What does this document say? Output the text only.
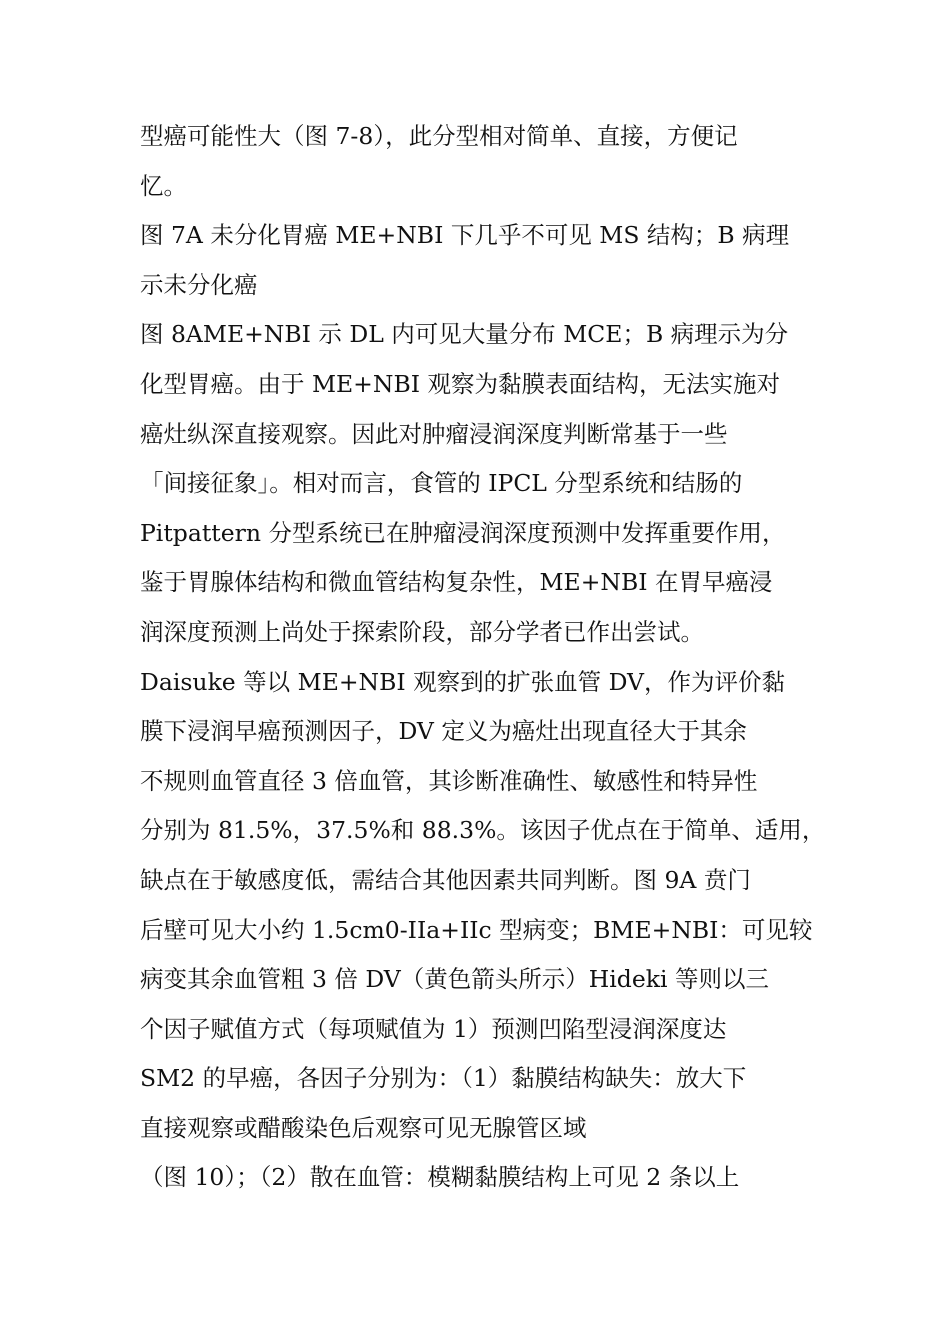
型癌可能性大（图 7-8），此分型相对简单、直接，方便记
忆。
图 7A 未分化胃癌 ME+NBI 下几乎不可见 MS 结构；B 病理
示未分化癌
图 8AME+NBI 示 DL 内可见大量分布 MCE；B 病理示为分
化型胃癌。由于 ME+NBI 观察为黏膜表面结构，无法实施对
癌灶纵深直接观察。因此对肿瘤浸润深度判断常基于一些
「间接征象」。相对而言，食管的 IPCL 分型系统和结肠的
Pitpattern 分型系统已在肿瘤浸润深度预测中发挥重要作用，
鉴于胃腺体结构和微血管结构复杂性，ME+NBI 在胃早癌浸
润深度预测上尚处于探索阶段，部分学者已作出尝试。
Daisuke 等以 ME+NBI 观察到的扩张血管 DV，作为评价黏
膜下浸润早癌预测因子，DV 定义为癌灶出现直径大于其余
不规则血管直径 3 倍血管，其诊断准确性、敏感性和特异性
分别为 81.5%，37.5%和 88.3%。该因子优点在于简单、适用，
缺点在于敏感度低，需结合其他因素共同判断。图 9A 贲门
后壁可见大小约 1.5cm0-IIa+IIc 型病变；BME+NBI：可见较
病变其余血管粗 3 倍 DV（黄色箭头所示）Hideki 等则以三
个因子赋值方式（每项赋值为 1）预测凹陷型浸润深度达
SM2 的早癌，各因子分别为：（1）黏膜结构缺失：放大下
直接观察或醋酸染色后观察可见无腺管区域
（图 10）；（2）散在血管：模糊黏膜结构上可见 2 条以上
